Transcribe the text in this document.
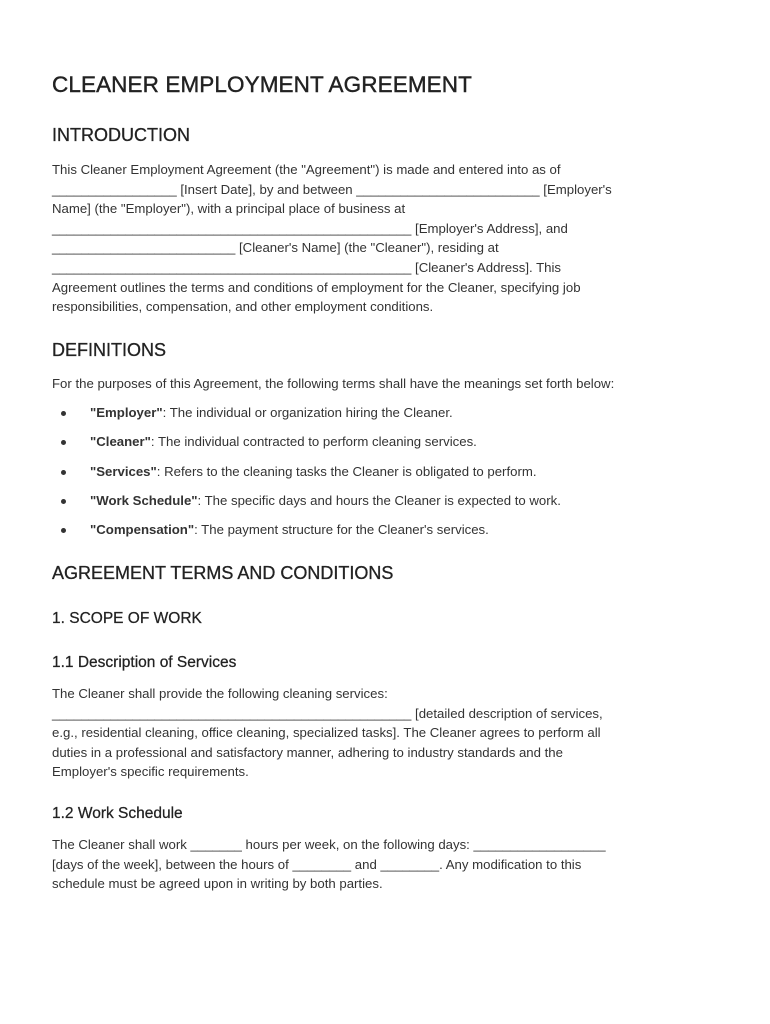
CLEANER EMPLOYMENT AGREEMENT
INTRODUCTION
This Cleaner Employment Agreement (the "Agreement") is made and entered into as of
_________________ [Insert Date], by and between _________________________ [Employer's
Name] (the "Employer"), with a principal place of business at
_________________________________________________ [Employer's Address], and
_________________________ [Cleaner's Name] (the "Cleaner"), residing at
_________________________________________________ [Cleaner's Address]. This
Agreement outlines the terms and conditions of employment for the Cleaner, specifying job
responsibilities, compensation, and other employment conditions.
DEFINITIONS
For the purposes of this Agreement, the following terms shall have the meanings set forth below:
"Employer": The individual or organization hiring the Cleaner.
"Cleaner": The individual contracted to perform cleaning services.
"Services": Refers to the cleaning tasks the Cleaner is obligated to perform.
"Work Schedule": The specific days and hours the Cleaner is expected to work.
"Compensation": The payment structure for the Cleaner's services.
AGREEMENT TERMS AND CONDITIONS
1. SCOPE OF WORK
1.1 Description of Services
The Cleaner shall provide the following cleaning services:
_________________________________________________ [detailed description of services,
e.g., residential cleaning, office cleaning, specialized tasks]. The Cleaner agrees to perform all
duties in a professional and satisfactory manner, adhering to industry standards and the
Employer's specific requirements.
1.2 Work Schedule
The Cleaner shall work _______ hours per week, on the following days: __________________
[days of the week], between the hours of ________ and ________. Any modification to this
schedule must be agreed upon in writing by both parties.
